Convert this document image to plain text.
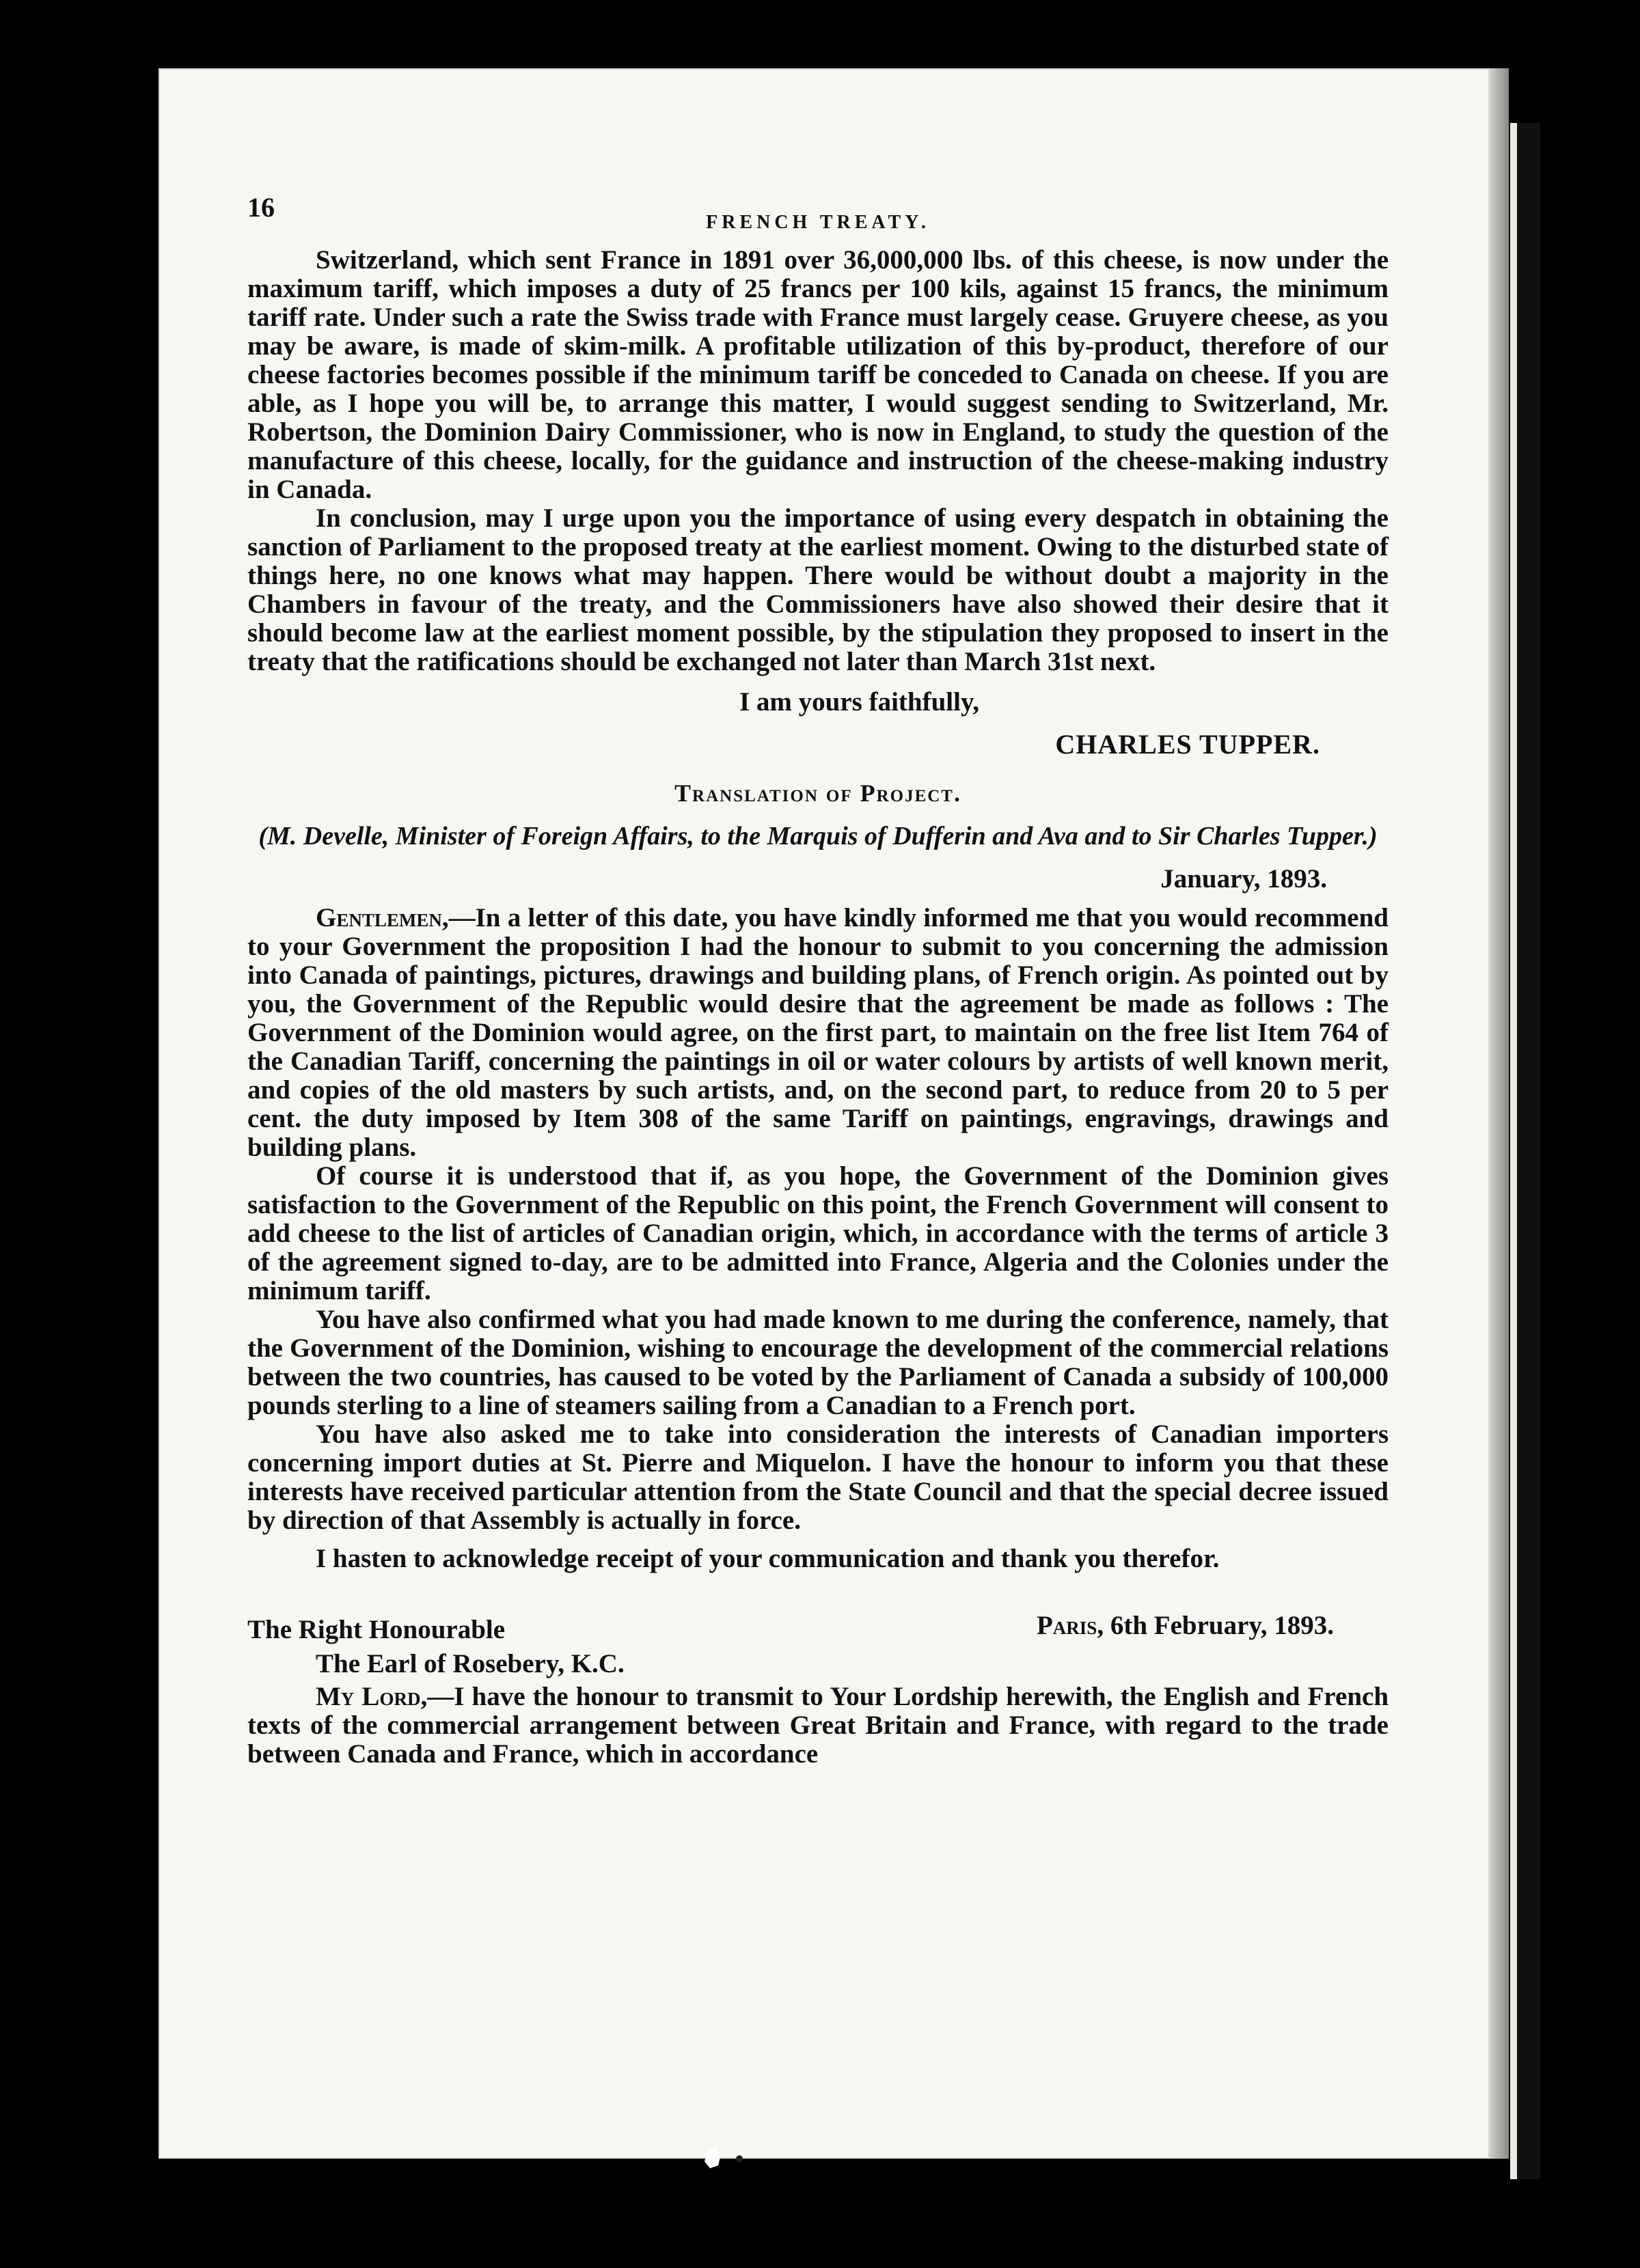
16	FRENCH TREATY.

Switzerland, which sent France in 1891 over 36,000,000 lbs. of this cheese, is now under the maximum tariff, which imposes a duty of 25 francs per 100 kils, against 15 francs, the minimum tariff rate. Under such a rate the Swiss trade with France must largely cease. Gruyere cheese, as you may be aware, is made of skim-milk. A profitable utilization of this by-product, therefore of our cheese factories becomes possible if the minimum tariff be conceded to Canada on cheese. If you are able, as I hope you will be, to arrange this matter, I would suggest sending to Switzerland, Mr. Robertson, the Dominion Dairy Commissioner, who is now in England, to study the question of the manufacture of this cheese, locally, for the guidance and instruction of the cheese-making industry in Canada.

In conclusion, may I urge upon you the importance of using every despatch in obtaining the sanction of Parliament to the proposed treaty at the earliest moment. Owing to the disturbed state of things here, no one knows what may happen. There would be without doubt a majority in the Chambers in favour of the treaty, and the Commissioners have also showed their desire that it should become law at the earliest moment possible, by the stipulation they proposed to insert in the treaty that the ratifications should be exchanged not later than March 31st next.

I am yours faithfully,
CHARLES TUPPER.
Translation of Project.
(M. Develle, Minister of Foreign Affairs, to the Marquis of Dufferin and Ava and to Sir Charles Tupper.)
January, 1893.

Gentlemen,—In a letter of this date, you have kindly informed me that you would recommend to your Government the proposition I had the honour to submit to you concerning the admission into Canada of paintings, pictures, drawings and building plans, of French origin. As pointed out by you, the Government of the Republic would desire that the agreement be made as follows : The Government of the Dominion would agree, on the first part, to maintain on the free list Item 764 of the Canadian Tariff, concerning the paintings in oil or water colours by artists of well known merit, and copies of the old masters by such artists, and, on the second part, to reduce from 20 to 5 per cent. the duty imposed by Item 308 of the same Tariff on paintings, engravings, drawings and building plans.

Of course it is understood that if, as you hope, the Government of the Dominion gives satisfaction to the Government of the Republic on this point, the French Government will consent to add cheese to the list of articles of Canadian origin, which, in accordance with the terms of article 3 of the agreement signed to-day, are to be admitted into France, Algeria and the Colonies under the minimum tariff.

You have also confirmed what you had made known to me during the conference, namely, that the Government of the Dominion, wishing to encourage the development of the commercial relations between the two countries, has caused to be voted by the Parliament of Canada a subsidy of 100,000 pounds sterling to a line of steamers sailing from a Canadian to a French port.

You have also asked me to take into consideration the interests of Canadian importers concerning import duties at St. Pierre and Miquelon. I have the honour to inform you that these interests have received particular attention from the State Council and that the special decree issued by direction of that Assembly is actually in force.

I hasten to acknowledge receipt of your communication and thank you therefor.

The Right Honourable
The Earl of Rosebery, K.C.
Paris, 6th February, 1893.

My Lord,—I have the honour to transmit to Your Lordship herewith, the English and French texts of the commercial arrangement between Great Britain and France, with regard to the trade between Canada and France, which in accordance
